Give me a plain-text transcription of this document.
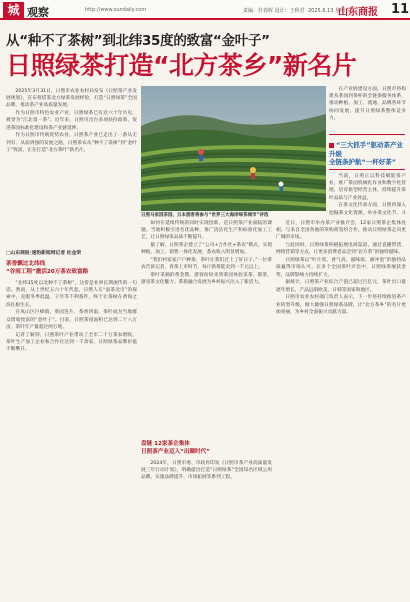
城 观察	http://www.sundaily.com	责编：杜春晖 设计：王秋君 2025.6.13 星期五
山东商报 11
从“种不了茶树”到北纬35度的致富“金叶子”
日照绿茶打造“北方茶乡”新名片

2025年3月31日，日照市农业农村局发布《日照茶产业发展规划》，宣布将借鉴北方绿茶发展经验，打造“日照绿茶”全国品牌，推动茶产业高质量发展。

作为日照市特色农业产业，日照绿茶已有近六十年历史，被誉为“江北第一茶”。近年来，日照市出台多项扶持政策，促进茶园标准化建设和茶产业链延伸。

作为日照市传统优势农业，日照茶产业已走出了一条从无到有、从弱到强的发展之路，日照茶农从“种不了茶树”到“金叶子”致富，正在打造“北方茶叶”新名片。

日照马家园茶园，日本游客将参与“世界三大海岸绿茶城市”评选
□山东商报·速豹新闻网记者 杜金荣
茶香飘过北纬线
“谷雨工程”激活20万茶农致富路

“北纬35度以北种不了茶树”，这曾是业界长期流传的一句话。然而，从上世纪五六十年代起，日照人在“南茶北引”的探索中，克服冬季低温、干旱等不利条件，终于让茶树在黄海之滨扎根生长。

在岚山区巨峰镇，茶园连片、茶香四溢，茶叶成为当地群众增收致富的“金叶子”。目前，日照茶园面积已达到二十八万亩，茶叶年产量超过两万吨。

记者了解到，日照茶叶产业带动了全市二十万茶农增收，茶叶生产加工企业和合作社达到一千余家，日照绿茶品牌价值不断攀升。

如何在延续传统的同时实现创新，是日照茶产业面临的课题。当地积极引进名优品种，推广清洁化生产和标准化加工工艺，让日照绿茶品质不断提升。

据了解，日照茶企建立了“公司+合作社+茶农”模式，实现种植、加工、销售一体化发展，茶农收入明显增加。

“我们村家家户户种茶，茶叶让我们过上了好日子。”一位茶农告诉记者，春茶上市时节，每斤新茶能卖到一千元以上。

茶叶采摘的黄金期，游客纷纷来到茶园体验采茶、制茶，感受茶文化魅力。茶旅融合发展为乡村振兴注入了新活力。

盘链 12家茶企集体
日照茶产业迈入“出圈时代”

2024年，日照市委、市政府印发《日照市茶产业高质量发展三年行动计划》，明确提出打造“日照绿茶”全国知名区域公用品牌，实施品牌提升、市场拓展等系列工程。

近日，日照市举办茶产业推介会，12家日照茶企集体亮相，与来自全国各地的采购商签约合作，推动日照绿茶走向更广阔的市场。

与此同时，日照绿茶积极拓展电商渠道，通过直播带货、网络营销等方式，让更多消费者品尝到“北方茶”的独特滋味。

日照绿茶以“叶片厚、香气高、滋味浓、耐冲泡”的独特品质赢得市场认可。在多个全国茶叶评比中，日照绿茶屡获金奖，品牌影响力持续扩大。

据统计，日照茶产业综合产值已超过百亿元，茶叶出口量逐年增长，产品远销欧美、日韩等国家和地区。

日照市农业农村部门负责人表示，下一步将持续推进茶产业转型升级，做大做强日照绿茶品牌，让“北方茶乡”的名片更加亮丽，为乡村全面振兴贡献力量。

在产业链建设方面，日照市将构建从茶园到茶杯的全链条服务体系，推动种植、加工、流通、品牌各环节协同发展，提升日照绿茶整体竞争力。

“三大抓手”驱动茶产业升级
全链条护航“一杯好茶”

当前，日照正以科技赋能茶产业，推广茶园机械化作业和数字化管理，培育新型经营主体，持续提升茶叶品质与产业效益。

在茶文化传承方面，日照将深入挖掘茶文化资源，举办茶文化节、斗
